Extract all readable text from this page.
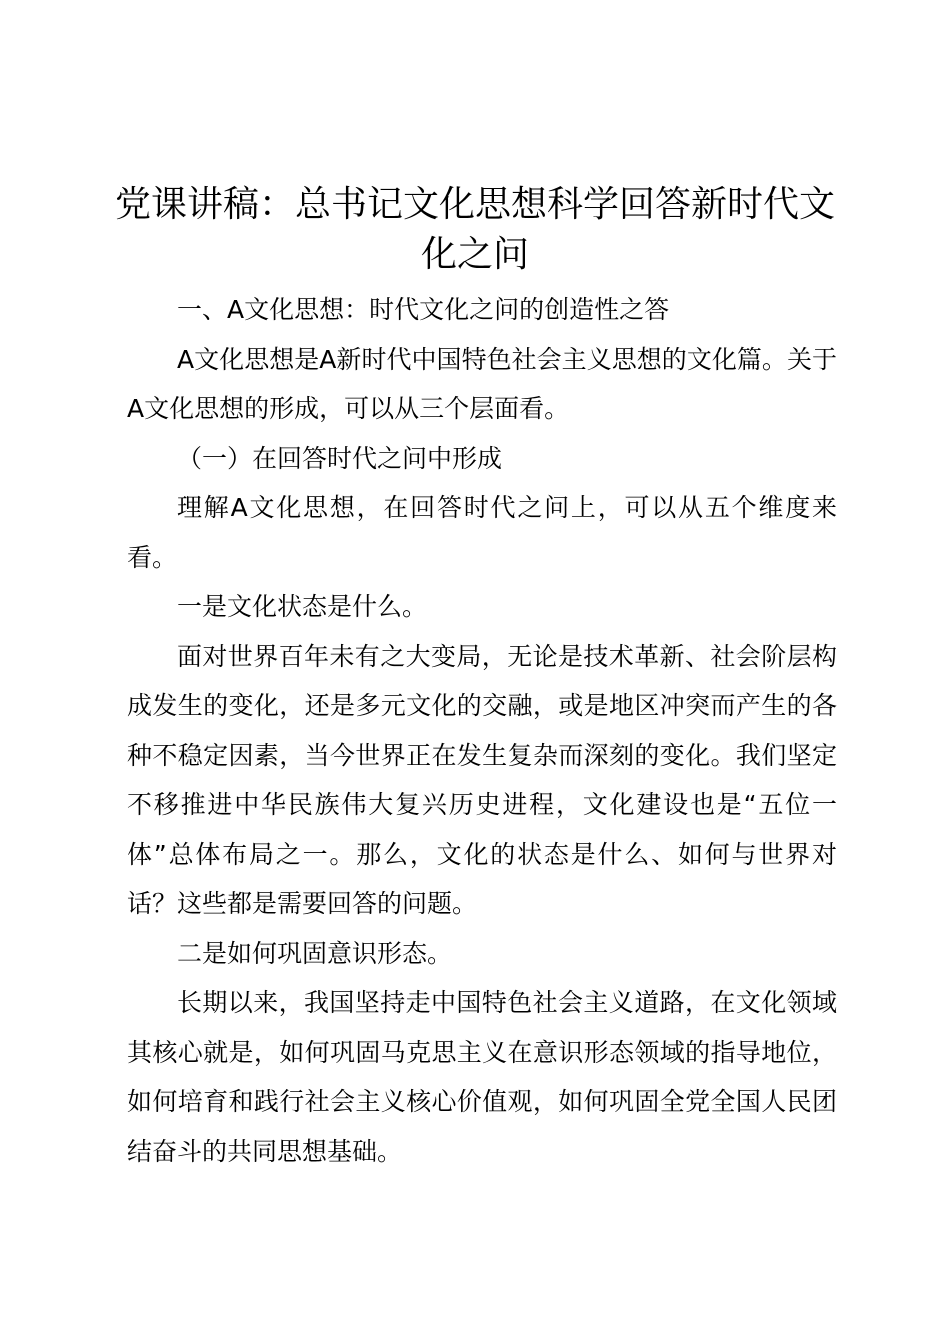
党课讲稿：总书记文化思想科学回答新时代文化之问

一、A文化思想：时代文化之问的创造性之答

A文化思想是A新时代中国特色社会主义思想的文化篇。关于A文化思想的形成，可以从三个层面看。

（一）在回答时代之问中形成

理解A文化思想，在回答时代之问上，可以从五个维度来看。

一是文化状态是什么。

面对世界百年未有之大变局，无论是技术革新、社会阶层构成发生的变化，还是多元文化的交融，或是地区冲突而产生的各种不稳定因素，当今世界正在发生复杂而深刻的变化。我们坚定不移推进中华民族伟大复兴历史进程，文化建设也是“五位一体”总体布局之一。那么，文化的状态是什么、如何与世界对话？这些都是需要回答的问题。

二是如何巩固意识形态。

长期以来，我国坚持走中国特色社会主义道路，在文化领域其核心就是，如何巩固马克思主义在意识形态领域的指导地位，如何培育和践行社会主义核心价值观，如何巩固全党全国人民团结奋斗的共同思想基础。
